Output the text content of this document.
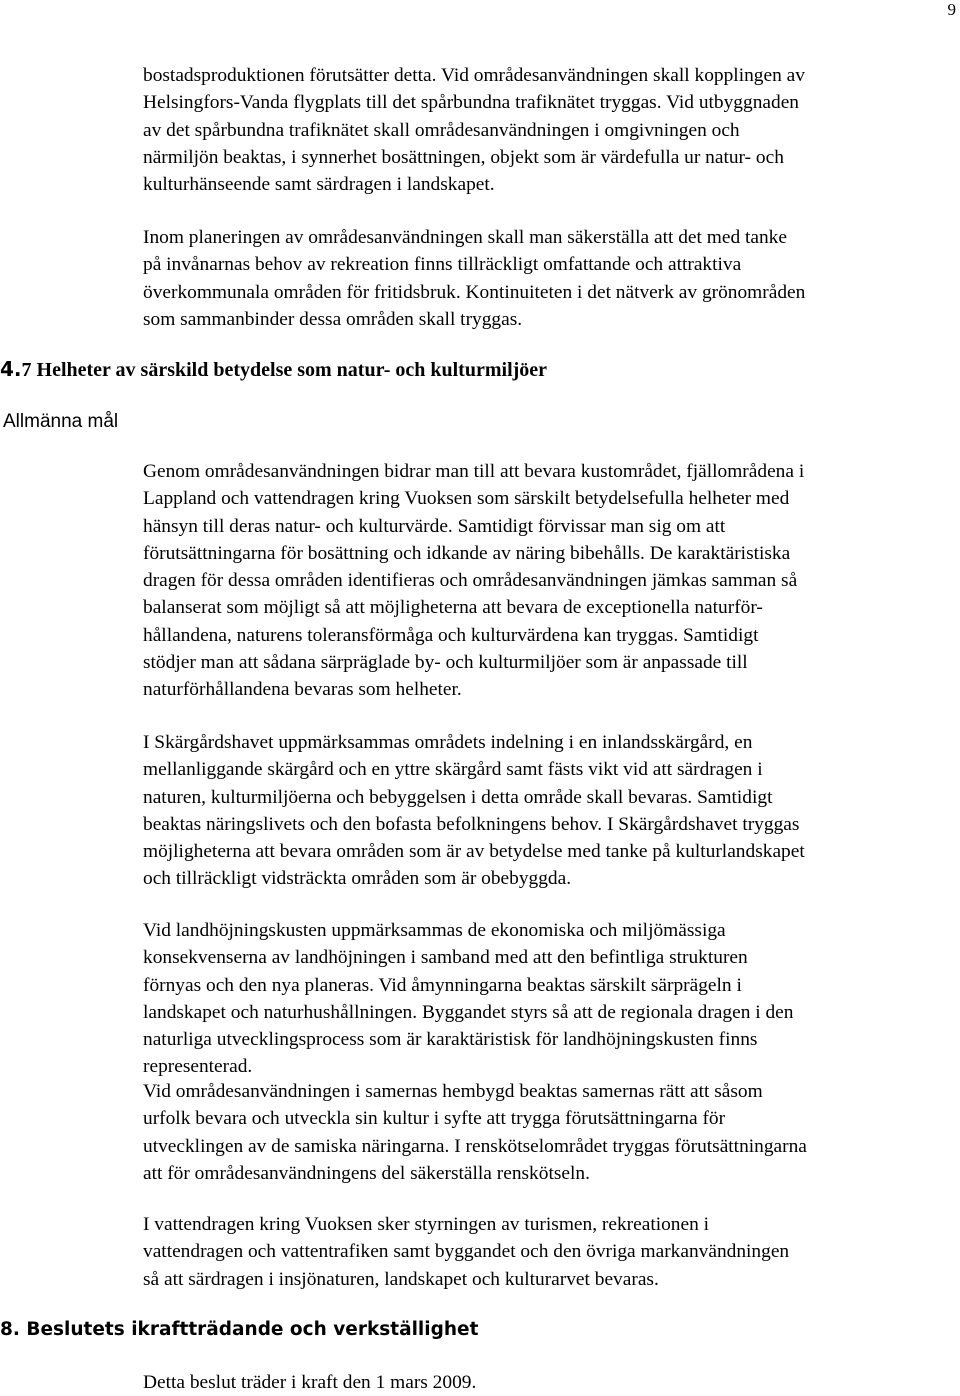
9
bostadsproduktionen förutsätter detta. Vid områdesanvändningen skall kopplingen av
Helsingfors-Vanda flygplats till det spårbundna trafiknätet tryggas. Vid utbyggnaden
av det spårbundna trafiknätet skall områdesanvändningen i omgivningen och
närmiljön beaktas, i synnerhet bosättningen, objekt som är värdefulla ur natur- och
kulturhänseende samt särdragen i landskapet.
Inom planeringen av områdesanvändningen skall man säkerställa att det med tanke
på invånarnas behov av rekreation finns tillräckligt omfattande och attraktiva
överkommunala områden för fritidsbruk. Kontinuiteten i det nätverk av grönområden
som sammanbinder dessa områden skall tryggas.
4.7 Helheter av särskild betydelse som natur- och kulturmiljöer
Allmänna mål
Genom områdesanvändningen bidrar man till att bevara kustområdet, fjällområdena i
Lappland och vattendragen kring Vuoksen som särskilt betydelsefulla helheter med
hänsyn till deras natur- och kulturvärde. Samtidigt förvissar man sig om att
förutsättningarna för bosättning och idkande av näring bibehålls. De karaktäristiska
dragen för dessa områden identifieras och områdesanvändningen jämkas samman så
balanserat som möjligt så att möjligheterna att bevara de exceptionella naturför-
hållandena, naturens toleransförmåga och kulturvärdena kan tryggas. Samtidigt
stödjer man att sådana särpräglade by- och kulturmiljöer som är anpassade till
naturförhållandena bevaras som helheter.
I Skärgårdshavet uppmärksammas områdets indelning i en inlandsskärgård, en
mellanliggande skärgård och en yttre skärgård samt fästs vikt vid att särdragen i
naturen, kulturmiljöerna och bebyggelsen i detta område skall bevaras. Samtidigt
beaktas näringslivets och den bofasta befolkningens behov. I Skärgårdshavet tryggas
möjligheterna att bevara områden som är av betydelse med tanke på kulturlandskapet
och tillräckligt vidsträckta områden som är obebyggda.
Vid landhöjningskusten uppmärksammas de ekonomiska och miljömässiga
konsekvenserna av landhöjningen i samband med att den befintliga strukturen
förnyas och den nya planeras. Vid åmynningarna beaktas särskilt särprägeln i
landskapet och naturhushållningen. Byggandet styrs så att de regionala dragen i den
naturliga utvecklingsprocess som är karaktäristisk för landhöjningskusten finns
representerad.
Vid områdesanvändningen i samernas hembygd beaktas samernas rätt att såsom
urfolk bevara och utveckla sin kultur i syfte att trygga förutsättningarna för
utvecklingen av de samiska näringarna. I renskötselområdet tryggas förutsättningarna
att för områdesanvändningens del säkerställa renskötseln.
I vattendragen kring Vuoksen sker styrningen av turismen, rekreationen i
vattendragen och vattentrafiken samt byggandet och den övriga markanvändningen
så att särdragen i insjönaturen, landskapet och kulturarvet bevaras.
8. Beslutets ikraftträdande och verkställighet
Detta beslut träder i kraft den 1 mars 2009.
